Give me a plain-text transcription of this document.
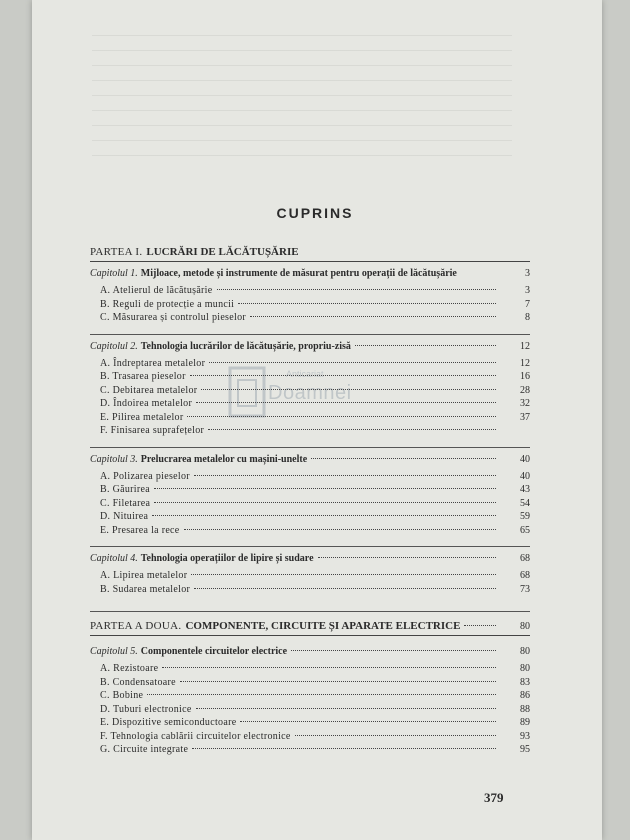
CUPRINS
Anticariat
Doamnei
PARTEA I. LUCRĂRI DE LĂCĂTUȘĂRIE
Capitolul 1. Mijloace, metode și instrumente de măsurat pentru operații de lăcătușărie	3
A. Atelierul de lăcătușărie	3
B. Reguli de protecție a muncii	7
C. Măsurarea și controlul pieselor	8
Capitolul 2. Tehnologia lucrărilor de lăcătușărie, propriu-zisă	12
A. Îndreptarea metalelor	12
B. Trasarea pieselor	16
C. Debitarea metalelor	28
D. Îndoirea metalelor	32
E. Pilirea metalelor	37
F. Finisarea suprafețelor
Capitolul 3. Prelucrarea metalelor cu mașini-unelte	40
A. Polizarea pieselor	40
B. Găurirea	43
C. Filetarea	54
D. Nituirea	59
E. Presarea la rece	65
Capitolul 4. Tehnologia operațiilor de lipire și sudare	68
A. Lipirea metalelor	68
B. Sudarea metalelor	73
PARTEA A DOUA. COMPONENTE, CIRCUITE ȘI APARATE ELECTRICE	80
Capitolul 5. Componentele circuitelor electrice	80
A. Rezistoare	80
B. Condensatoare	83
C. Bobine	86
D. Tuburi electronice	88
E. Dispozitive semiconductoare	89
F. Tehnologia cablării circuitelor electronice	93
G. Circuite integrate	95
379
